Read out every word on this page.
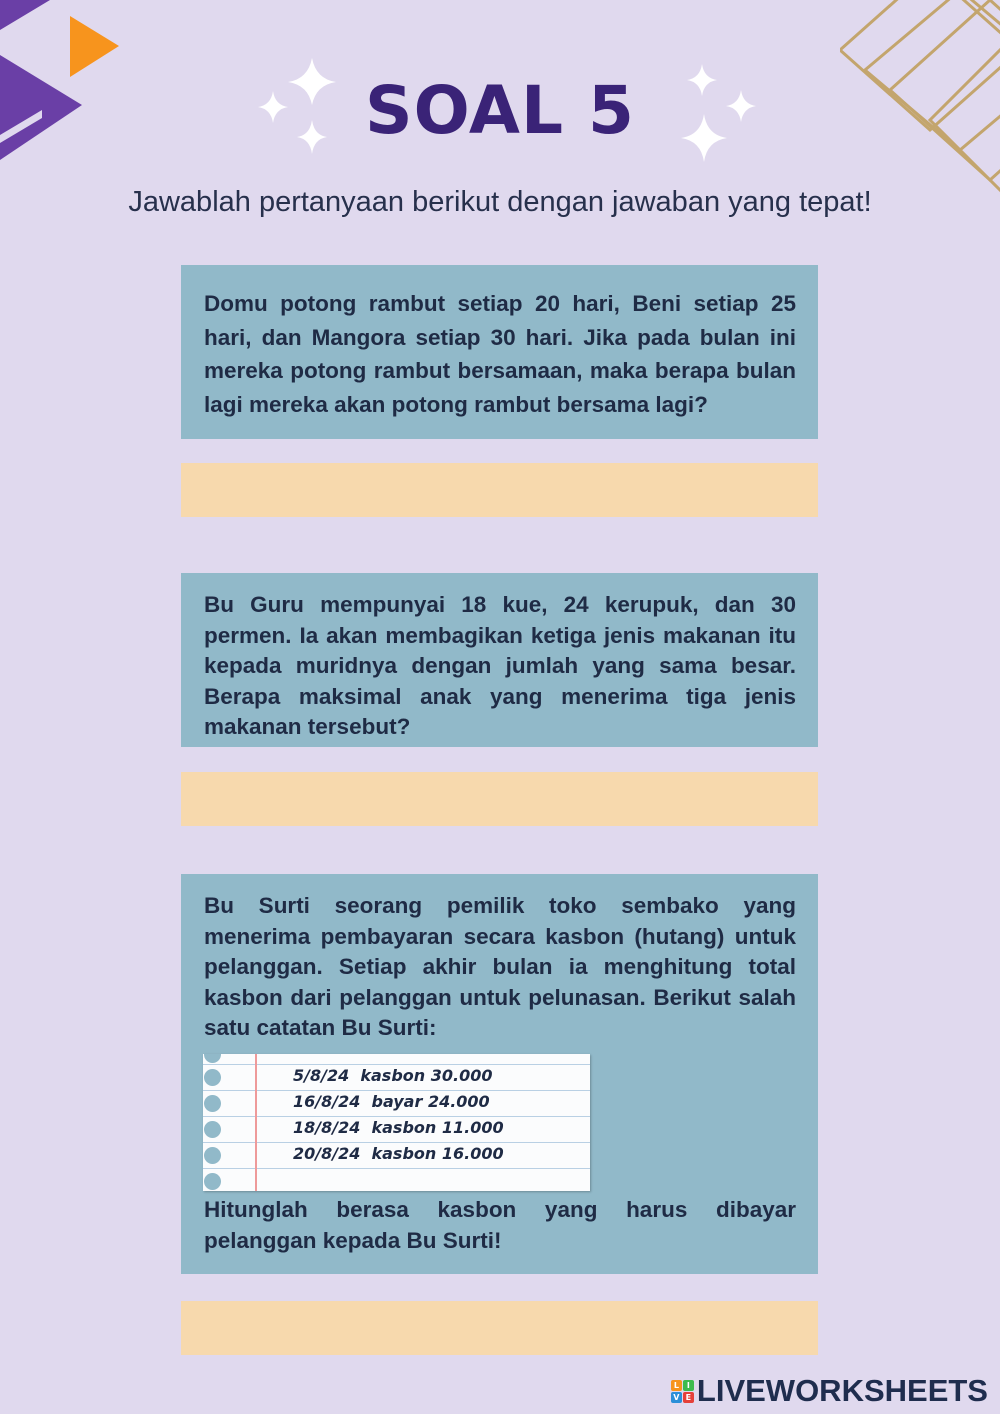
SOAL 5
Jawablah pertanyaan berikut dengan jawaban yang tepat!

Domu potong rambut setiap 20 hari, Beni setiap 25 hari, dan Mangora setiap 30 hari. Jika pada bulan ini mereka potong rambut bersamaan, maka berapa bulan lagi mereka akan potong rambut bersama lagi?

Bu Guru mempunyai 18 kue, 24 kerupuk, dan 30 permen. Ia akan membagikan ketiga jenis makanan itu kepada muridnya dengan jumlah yang sama besar. Berapa maksimal anak yang menerima tiga jenis makanan tersebut?

Bu Surti seorang pemilik toko sembako yang menerima pembayaran secara kasbon (hutang) untuk pelanggan. Setiap akhir bulan ia menghitung total kasbon dari pelanggan untuk pelunasan. Berikut salah satu catatan Bu Surti:

5/8/24  kasbon 30.000
16/8/24  bayar 24.000
18/8/24  kasbon 11.000
20/8/24  kasbon 16.000

Hitunglah berasa kasbon yang harus dibayar pelanggan kepada Bu Surti!

L I
V E LIVEWORKSHEETS
